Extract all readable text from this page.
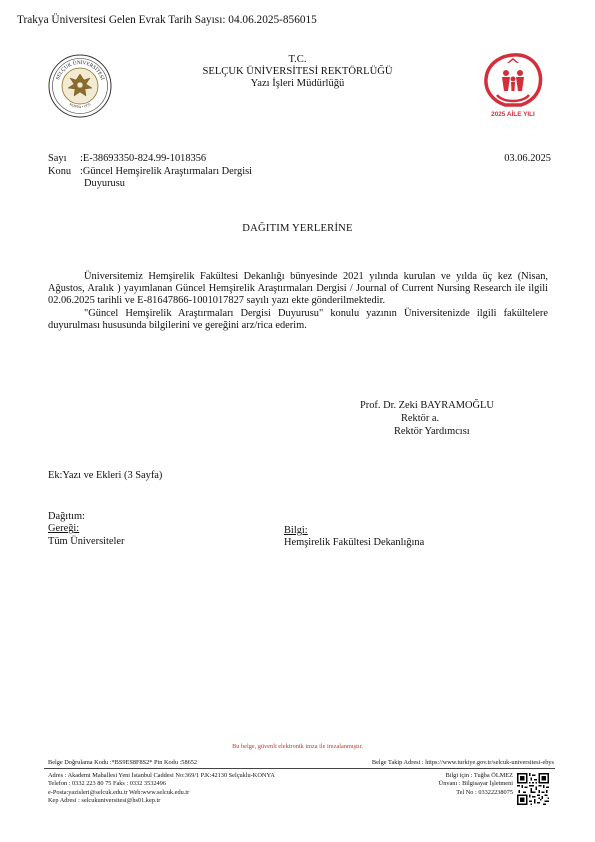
Trakya Üniversitesi Gelen Evrak Tarih Sayısı: 04.06.2025-856015
SELÇUK ÜNİVERSİTESİ
KONYA • 1975
T.C.
SELÇUK ÜNİVERSİTESİ REKTÖRLÜĞÜ
Yazı İşleri Müdürlüğü
2025 AİLE YILI
Sayı :E-38693350-824.99-1018356
Konu :Güncel Hemşirelik Araştırmaları Dergisi
Duyurusu
03.06.2025
DAĞITIM YERLERİNE

Üniversitemiz Hemşirelik Fakültesi Dekanlığı bünyesinde 2021 yılında kurulan ve yılda üç kez (Nisan, Ağustos, Aralık ) yayımlanan Güncel Hemşirelik Araştırmaları Dergisi / Journal of Current Nursing Research ile ilgili 02.06.2025 tarihli ve E-81647866-1001017827 sayılı yazı ekte gönderilmektedir.

"Güncel Hemşirelik Araştırmaları Dergisi Duyurusu" konulu yazının Üniversitenizde ilgili fakültelere duyurulması hususunda bilgilerini ve gereğini arz/rica ederim.

Prof. Dr. Zeki BAYRAMOĞLU
Rektör a.
Rektör Yardımcısı
Ek:Yazı ve Ekleri (3 Sayfa)
Dağıtım:
Gereği:
Tüm Üniversiteler
Bilgi:
Hemşirelik Fakültesi Dekanlığına
Bu belge, güvenli elektronik imza ile imzalanmıştır.
Belge Doğrulama Kodu :*BS9ES8F8S2* Pin Kodu :58652	Belge Takip Adresi : https://www.turkiye.gov.tr/selcuk-universitesi-ebys
Adres : Akademi Mahallesi Yeni İstanbul Caddesi No:369/1 P.K:42130 Selçuklu-KONYA
Telefon : 0332 223 80 75 Faks : 0332 3532496
e-Posta:yazisleri@selcuk.edu.tr Web:www.selcuk.edu.tr
Kep Adresi : selcukuniversitesi@hs01.kep.tr
Bilgi için : Tuğba ÖLMEZ
Ünvanı : Bilgisayar İşletmeni
Tel No : 03322238075
